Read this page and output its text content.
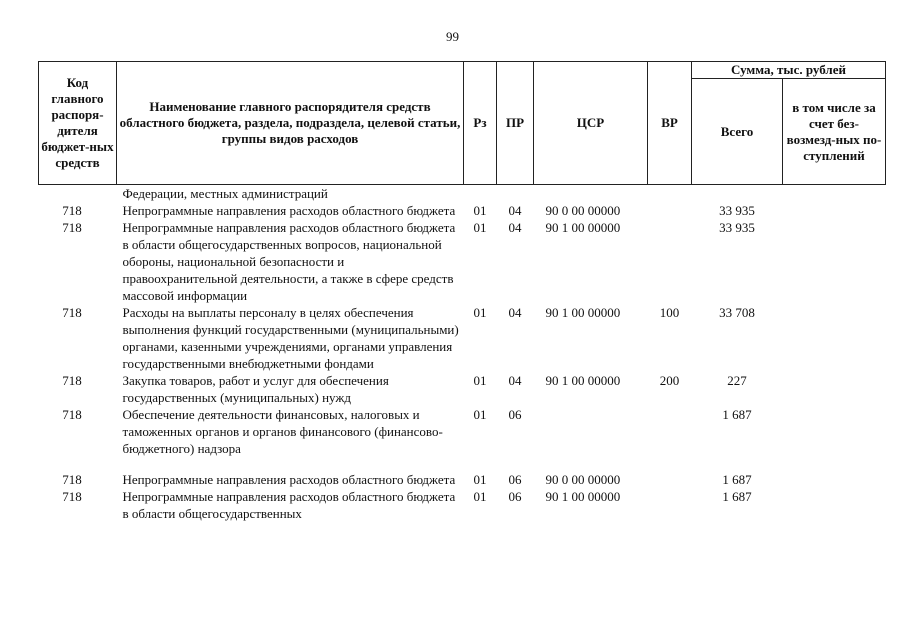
99
Код главного распоря-дителя бюджет-ных средств	Наименование главного распорядителя средств областного бюджета, раздела, подраздела, целевой статьи, группы видов расходов	Рз	ПР	ЦСР	ВР	Сумма, тыс. рублей	
						Всего	в том числе за счет без-возмезд-ных по-ступлений
	Федерации, местных администраций						
718	Непрограммные направления расходов областного бюджета	01	04	90 0 00 00000		33 935	
718	Непрограммные направления расходов областного бюджета в области общегосударственных вопросов, национальной обороны, национальной безопасности и правоохранительной деятельности, а также в сфере средств массовой информации	01	04	90 1 00 00000		33 935	
718	Расходы на выплаты персоналу в целях обеспечения выполнения функций государственными (муниципальными) органами, казенными учреждениями, органами управления государственными внебюджетными фондами	01	04	90 1 00 00000	100	33 708	
718	Закупка товаров, работ и услуг для обеспечения государственных (муниципальных) нужд	01	04	90 1 00 00000	200	227	
718	Обеспечение деятельности финансовых, налоговых и таможенных органов и органов финансового (финансово-бюджетного) надзора	01	06			1 687	
718	Непрограммные направления расходов областного бюджета	01	06	90 0 00 00000		1 687	
718	Непрограммные направления расходов областного бюджета в области общегосударственных	01	06	90 1 00 00000		1 687	
